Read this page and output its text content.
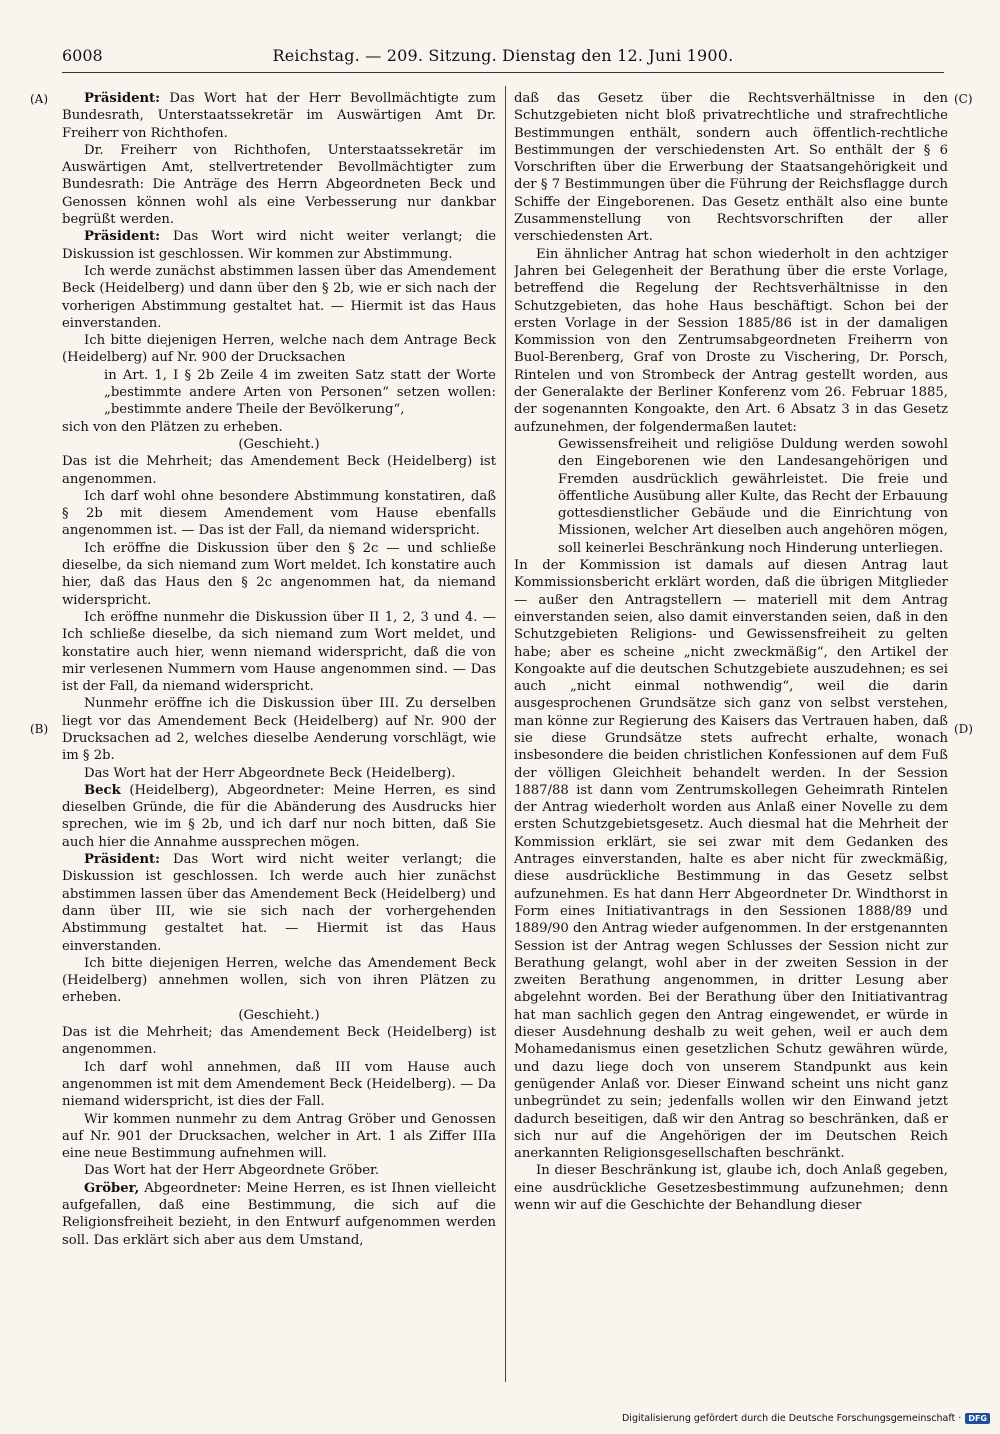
6008	Reichstag. — 209. Sitzung. Dienstag den 12. Juni 1900.
(A)
(B)
(C)
(D)

Präsident: Das Wort hat der Herr Bevollmächtigte zum Bundesrath, Unterstaatssekretär im Auswärtigen Amt Dr. Freiherr von Richthofen.

Dr. Freiherr von Richthofen, Unterstaatssekretär im Auswärtigen Amt, stellvertretender Bevollmächtigter zum Bundesrath: Die Anträge des Herrn Abgeordneten Beck und Genossen können wohl als eine Verbesserung nur dankbar begrüßt werden.

Präsident: Das Wort wird nicht weiter verlangt; die Diskussion ist geschlossen. Wir kommen zur Abstimmung.

Ich werde zunächst abstimmen lassen über das Amendement Beck (Heidelberg) und dann über den § 2b, wie er sich nach der vorherigen Abstimmung gestaltet hat. — Hiermit ist das Haus einverstanden.

Ich bitte diejenigen Herren, welche nach dem Antrage Beck (Heidelberg) auf Nr. 900 der Drucksachen

in Art. 1, I § 2b Zeile 4 im zweiten Satz statt der Worte „bestimmte andere Arten von Personen“ setzen wollen: „bestimmte andere Theile der Bevölkerung“,

sich von den Plätzen zu erheben.

(Geschieht.)

Das ist die Mehrheit; das Amendement Beck (Heidelberg) ist angenommen.

Ich darf wohl ohne besondere Abstimmung konstatiren, daß § 2b mit diesem Amendement vom Hause ebenfalls angenommen ist. — Das ist der Fall, da niemand widerspricht.

Ich eröffne die Diskussion über den § 2c — und schließe dieselbe, da sich niemand zum Wort meldet. Ich konstatire auch hier, daß das Haus den § 2c angenommen hat, da niemand widerspricht.

Ich eröffne nunmehr die Diskussion über II 1, 2, 3 und 4. — Ich schließe dieselbe, da sich niemand zum Wort meldet, und konstatire auch hier, wenn niemand widerspricht, daß die von mir verlesenen Nummern vom Hause angenommen sind. — Das ist der Fall, da niemand widerspricht.

Nunmehr eröffne ich die Diskussion über III. Zu derselben liegt vor das Amendement Beck (Heidelberg) auf Nr. 900 der Drucksachen ad 2, welches dieselbe Aenderung vorschlägt, wie im § 2b.

Das Wort hat der Herr Abgeordnete Beck (Heidelberg).

Beck (Heidelberg), Abgeordneter: Meine Herren, es sind dieselben Gründe, die für die Abänderung des Ausdrucks hier sprechen, wie im § 2b, und ich darf nur noch bitten, daß Sie auch hier die Annahme aussprechen mögen.

Präsident: Das Wort wird nicht weiter verlangt; die Diskussion ist geschlossen. Ich werde auch hier zunächst abstimmen lassen über das Amendement Beck (Heidelberg) und dann über III, wie sie sich nach der vorhergehenden Abstimmung gestaltet hat. — Hiermit ist das Haus einverstanden.

Ich bitte diejenigen Herren, welche das Amendement Beck (Heidelberg) annehmen wollen, sich von ihren Plätzen zu erheben.

(Geschieht.)

Das ist die Mehrheit; das Amendement Beck (Heidelberg) ist angenommen.

Ich darf wohl annehmen, daß III vom Hause auch angenommen ist mit dem Amendement Beck (Heidelberg). — Da niemand widerspricht, ist dies der Fall.

Wir kommen nunmehr zu dem Antrag Gröber und Genossen auf Nr. 901 der Drucksachen, welcher in Art. 1 als Ziffer IIIa eine neue Bestimmung aufnehmen will.

Das Wort hat der Herr Abgeordnete Gröber.

Gröber, Abgeordneter: Meine Herren, es ist Ihnen vielleicht aufgefallen, daß eine Bestimmung, die sich auf die Religionsfreiheit bezieht, in den Entwurf aufgenommen werden soll. Das erklärt sich aber aus dem Umstand,

daß das Gesetz über die Rechtsverhältnisse in den Schutzgebieten nicht bloß privatrechtliche und strafrechtliche Bestimmungen enthält, sondern auch öffentlich-rechtliche Bestimmungen der verschiedensten Art. So enthält der § 6 Vorschriften über die Erwerbung der Staatsangehörigkeit und der § 7 Bestimmungen über die Führung der Reichsflagge durch Schiffe der Eingeborenen. Das Gesetz enthält also eine bunte Zusammenstellung von Rechtsvorschriften der aller verschiedensten Art.

Ein ähnlicher Antrag hat schon wiederholt in den achtziger Jahren bei Gelegenheit der Berathung über die erste Vorlage, betreffend die Regelung der Rechtsverhältnisse in den Schutzgebieten, das hohe Haus beschäftigt. Schon bei der ersten Vorlage in der Session 1885/86 ist in der damaligen Kommission von den Zentrumsabgeordneten Freiherrn von Buol-Berenberg, Graf von Droste zu Vischering, Dr. Porsch, Rintelen und von Strombeck der Antrag gestellt worden, aus der Generalakte der Berliner Konferenz vom 26. Februar 1885, der sogenannten Kongoakte, den Art. 6 Absatz 3 in das Gesetz aufzunehmen, der folgendermaßen lautet:

Gewissensfreiheit und religiöse Duldung werden sowohl den Eingeborenen wie den Landesangehörigen und Fremden ausdrücklich gewährleistet. Die freie und öffentliche Ausübung aller Kulte, das Recht der Erbauung gottesdienstlicher Gebäude und die Einrichtung von Missionen, welcher Art dieselben auch angehören mögen, soll keinerlei Beschränkung noch Hinderung unterliegen.

In der Kommission ist damals auf diesen Antrag laut Kommissionsbericht erklärt worden, daß die übrigen Mitglieder — außer den Antragstellern — materiell mit dem Antrag einverstanden seien, also damit einverstanden seien, daß in den Schutzgebieten Religions- und Gewissensfreiheit zu gelten habe; aber es scheine „nicht zweckmäßig“, den Artikel der Kongoakte auf die deutschen Schutzgebiete auszudehnen; es sei auch „nicht einmal nothwendig“, weil die darin ausgesprochenen Grundsätze sich ganz von selbst verstehen, man könne zur Regierung des Kaisers das Vertrauen haben, daß sie diese Grundsätze stets aufrecht erhalte, wonach insbesondere die beiden christlichen Konfessionen auf dem Fuß der völligen Gleichheit behandelt werden. In der Session 1887/88 ist dann vom Zentrumskollegen Geheimrath Rintelen der Antrag wiederholt worden aus Anlaß einer Novelle zu dem ersten Schutzgebietsgesetz. Auch diesmal hat die Mehrheit der Kommission erklärt, sie sei zwar mit dem Gedanken des Antrages einverstanden, halte es aber nicht für zweckmäßig, diese ausdrückliche Bestimmung in das Gesetz selbst aufzunehmen. Es hat dann Herr Abgeordneter Dr. Windthorst in Form eines Initiativantrags in den Sessionen 1888/89 und 1889/90 den Antrag wieder aufgenommen. In der erstgenannten Session ist der Antrag wegen Schlusses der Session nicht zur Berathung gelangt, wohl aber in der zweiten Session in der zweiten Berathung angenommen, in dritter Lesung aber abgelehnt worden. Bei der Berathung über den Initiativantrag hat man sachlich gegen den Antrag eingewendet, er würde in dieser Ausdehnung deshalb zu weit gehen, weil er auch dem Mohamedanismus einen gesetzlichen Schutz gewähren würde, und dazu liege doch von unserem Standpunkt aus kein genügender Anlaß vor. Dieser Einwand scheint uns nicht ganz unbegründet zu sein; jedenfalls wollen wir den Einwand jetzt dadurch beseitigen, daß wir den Antrag so beschränken, daß er sich nur auf die Angehörigen der im Deutschen Reich anerkannten Religionsgesellschaften beschränkt.

In dieser Beschränkung ist, glaube ich, doch Anlaß gegeben, eine ausdrückliche Gesetzesbestimmung aufzunehmen; denn wenn wir auf die Geschichte der Behandlung dieser

Digitalisierung gefördert durch die Deutsche Forschungsgemeinschaft · DFG
